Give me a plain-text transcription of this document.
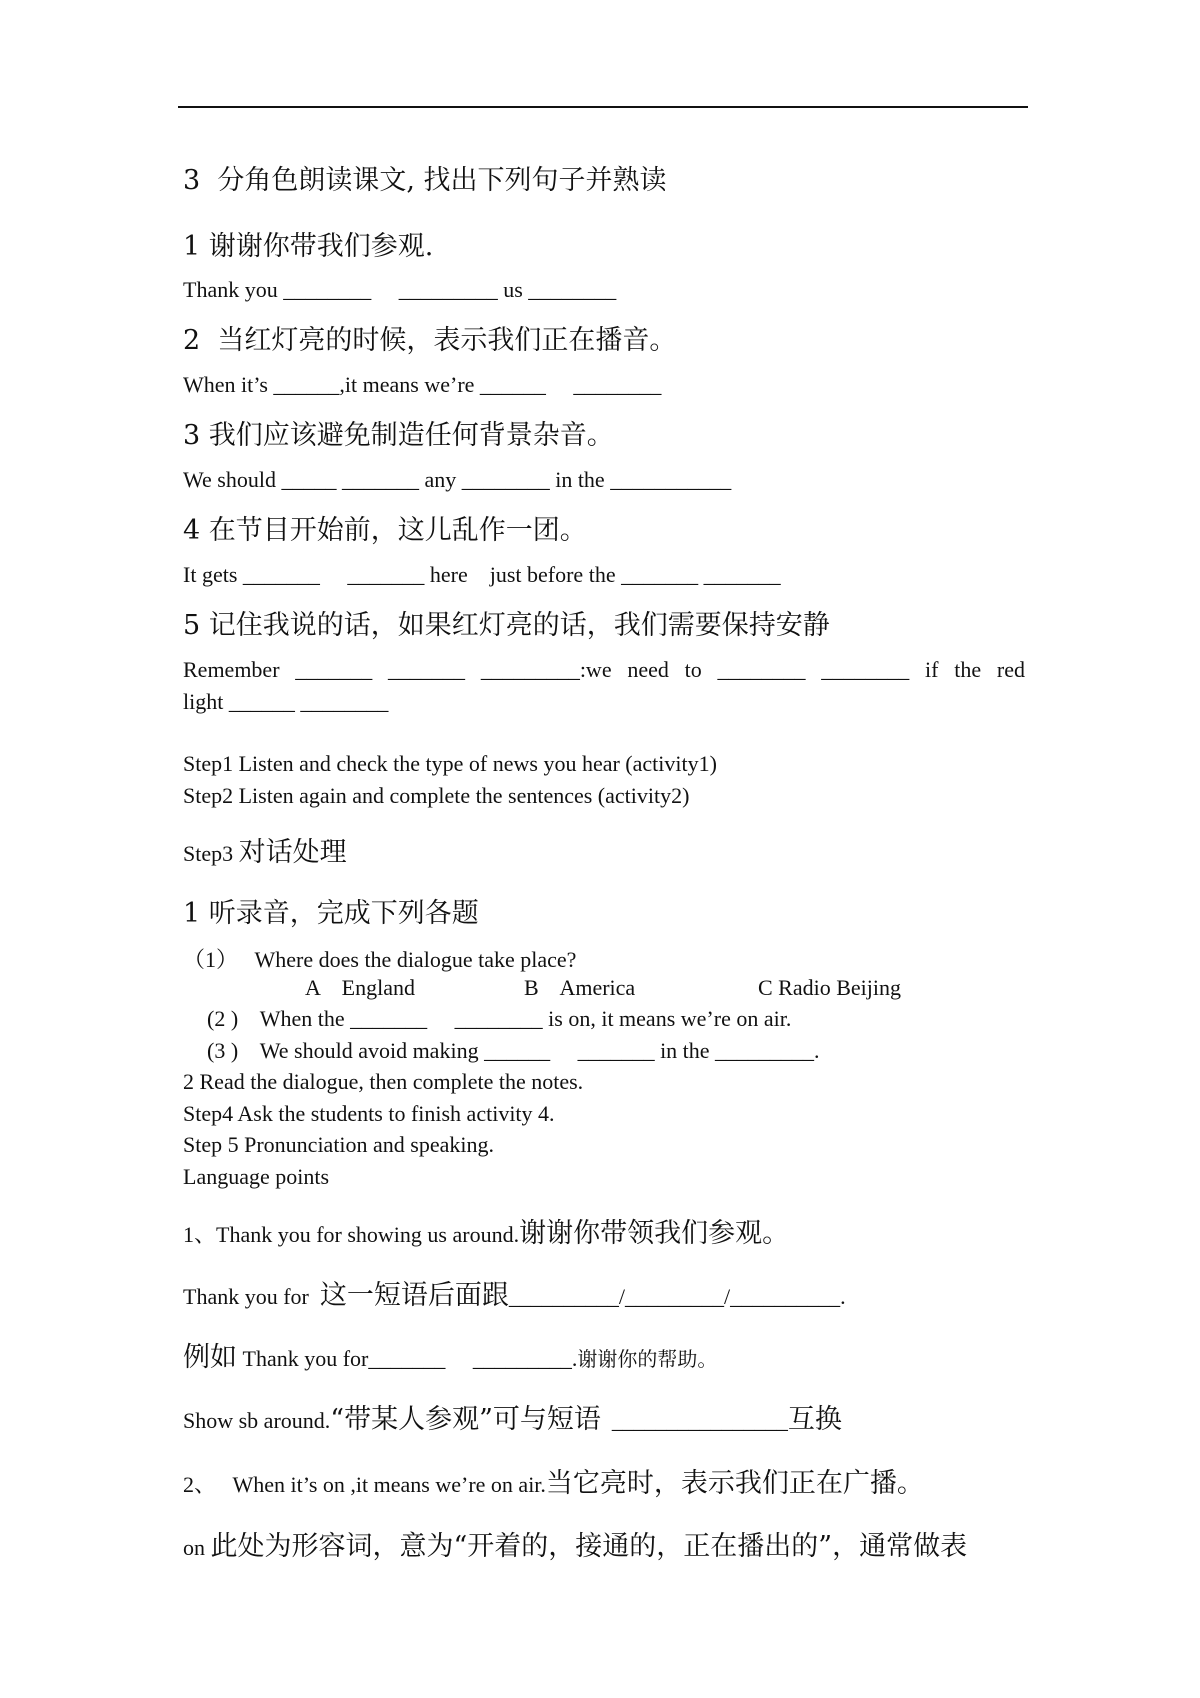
3  分角色朗读课文, 找出下列句子并熟读
1 谢谢你带我们参观.
Thank you ________     _________ us ________
2  当红灯亮的时候，表示我们正在播音。
When it’s ______,it means we’re ______     ________
3 我们应该避免制造任何背景杂音。
We should _____ _______ any ________ in the ___________
4 在节目开始前，这儿乱作一团。
It gets _______     _______ here    just before the _______ _______
5 记住我说的话，如果红灯亮的话，我们需要保持安静
Remember _______ _______ _________:we need to ________ ________ if the red
light ______ ________
Step1 Listen and check the type of news you hear (activity1)
Step2 Listen again and complete the sentences (activity2)
Step3 对话处理
1 听录音，完成下列各题
（1）   Where does the dialogue take place?
A    England	B    America	C Radio Beijing
(2 )    When the _______     ________ is on, it means we’re on air.
(3 )    We should avoid making ______     _______ in the _________.
2 Read the dialogue, then complete the notes.
Step4 Ask the students to finish activity 4.
Step 5 Pronunciation and speaking.
Language points
1、Thank you for showing us around.谢谢你带领我们参观。
Thank you for  这一短语后面跟__________/_________/__________.
例如 Thank you for_______     _________.谢谢你的帮助。
Show sb around.“带某人参观”可与短语  ________________互换
2、   When it’s on ,it means we’re on air.当它亮时，表示我们正在广播。
on 此处为形容词，意为“开着的，接通的，正在播出的”，通常做表
